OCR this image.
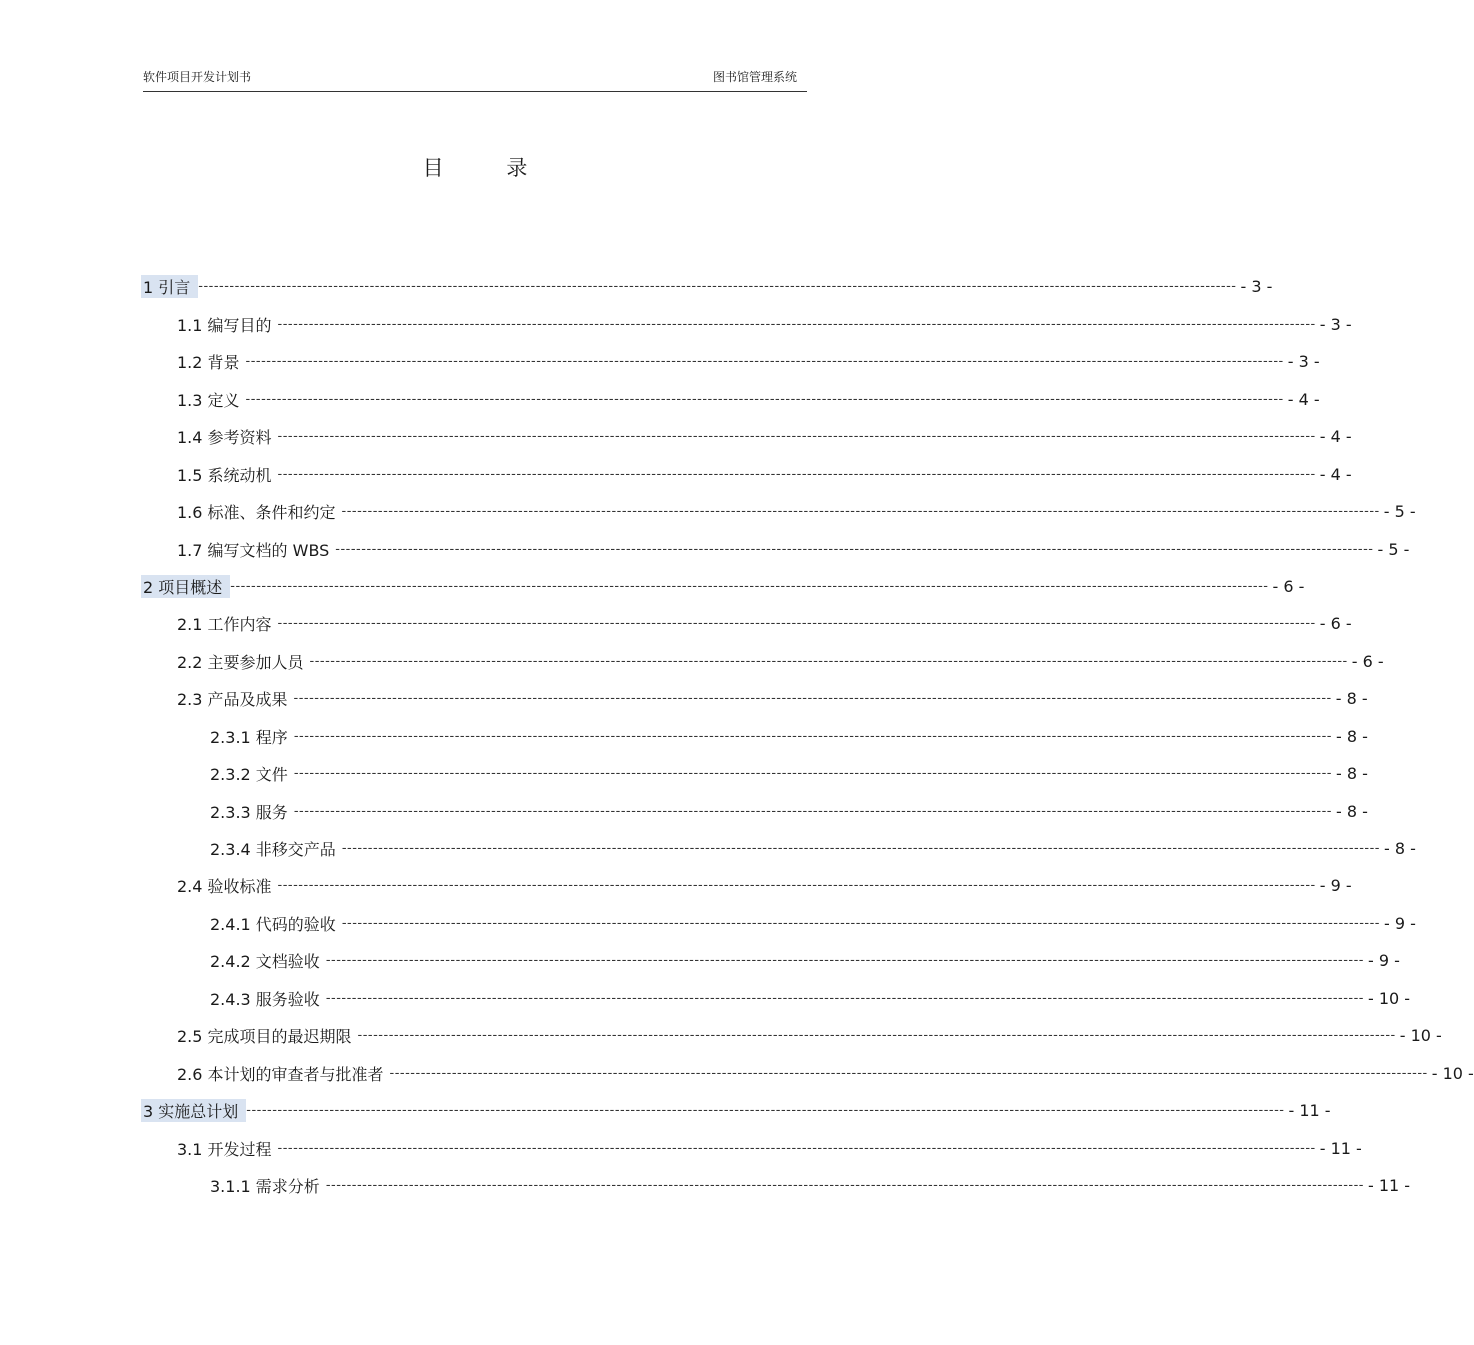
软件项目开发计划书	图书馆管理系统
目 录
1 引言 -------------------------------------------------------------------------------------------------------------------------------------------------------------------------------------------------------- - 3 -
1.1 编写目的 -------------------------------------------------------------------------------------------------------------------------------------------------------------------------------------------------------- - 3 -
1.2 背景 -------------------------------------------------------------------------------------------------------------------------------------------------------------------------------------------------------- - 3 -
1.3 定义 -------------------------------------------------------------------------------------------------------------------------------------------------------------------------------------------------------- - 4 -
1.4 参考资料 -------------------------------------------------------------------------------------------------------------------------------------------------------------------------------------------------------- - 4 -
1.5 系统动机 -------------------------------------------------------------------------------------------------------------------------------------------------------------------------------------------------------- - 4 -
1.6 标准、条件和约定 -------------------------------------------------------------------------------------------------------------------------------------------------------------------------------------------------------- - 5 -
1.7 编写文档的 WBS -------------------------------------------------------------------------------------------------------------------------------------------------------------------------------------------------------- - 5 -
2 项目概述 -------------------------------------------------------------------------------------------------------------------------------------------------------------------------------------------------------- - 6 -
2.1 工作内容 -------------------------------------------------------------------------------------------------------------------------------------------------------------------------------------------------------- - 6 -
2.2 主要参加人员 -------------------------------------------------------------------------------------------------------------------------------------------------------------------------------------------------------- - 6 -
2.3 产品及成果 -------------------------------------------------------------------------------------------------------------------------------------------------------------------------------------------------------- - 8 -
2.3.1 程序 -------------------------------------------------------------------------------------------------------------------------------------------------------------------------------------------------------- - 8 -
2.3.2 文件 -------------------------------------------------------------------------------------------------------------------------------------------------------------------------------------------------------- - 8 -
2.3.3 服务 -------------------------------------------------------------------------------------------------------------------------------------------------------------------------------------------------------- - 8 -
2.3.4 非移交产品 -------------------------------------------------------------------------------------------------------------------------------------------------------------------------------------------------------- - 8 -
2.4 验收标准 -------------------------------------------------------------------------------------------------------------------------------------------------------------------------------------------------------- - 9 -
2.4.1 代码的验收 -------------------------------------------------------------------------------------------------------------------------------------------------------------------------------------------------------- - 9 -
2.4.2 文档验收 -------------------------------------------------------------------------------------------------------------------------------------------------------------------------------------------------------- - 9 -
2.4.3 服务验收 -------------------------------------------------------------------------------------------------------------------------------------------------------------------------------------------------------- - 10 -
2.5 完成项目的最迟期限 -------------------------------------------------------------------------------------------------------------------------------------------------------------------------------------------------------- - 10 -
2.6 本计划的审查者与批准者 -------------------------------------------------------------------------------------------------------------------------------------------------------------------------------------------------------- - 10 -
3 实施总计划 -------------------------------------------------------------------------------------------------------------------------------------------------------------------------------------------------------- - 11 -
3.1 开发过程 -------------------------------------------------------------------------------------------------------------------------------------------------------------------------------------------------------- - 11 -
3.1.1 需求分析 -------------------------------------------------------------------------------------------------------------------------------------------------------------------------------------------------------- - 11 -
